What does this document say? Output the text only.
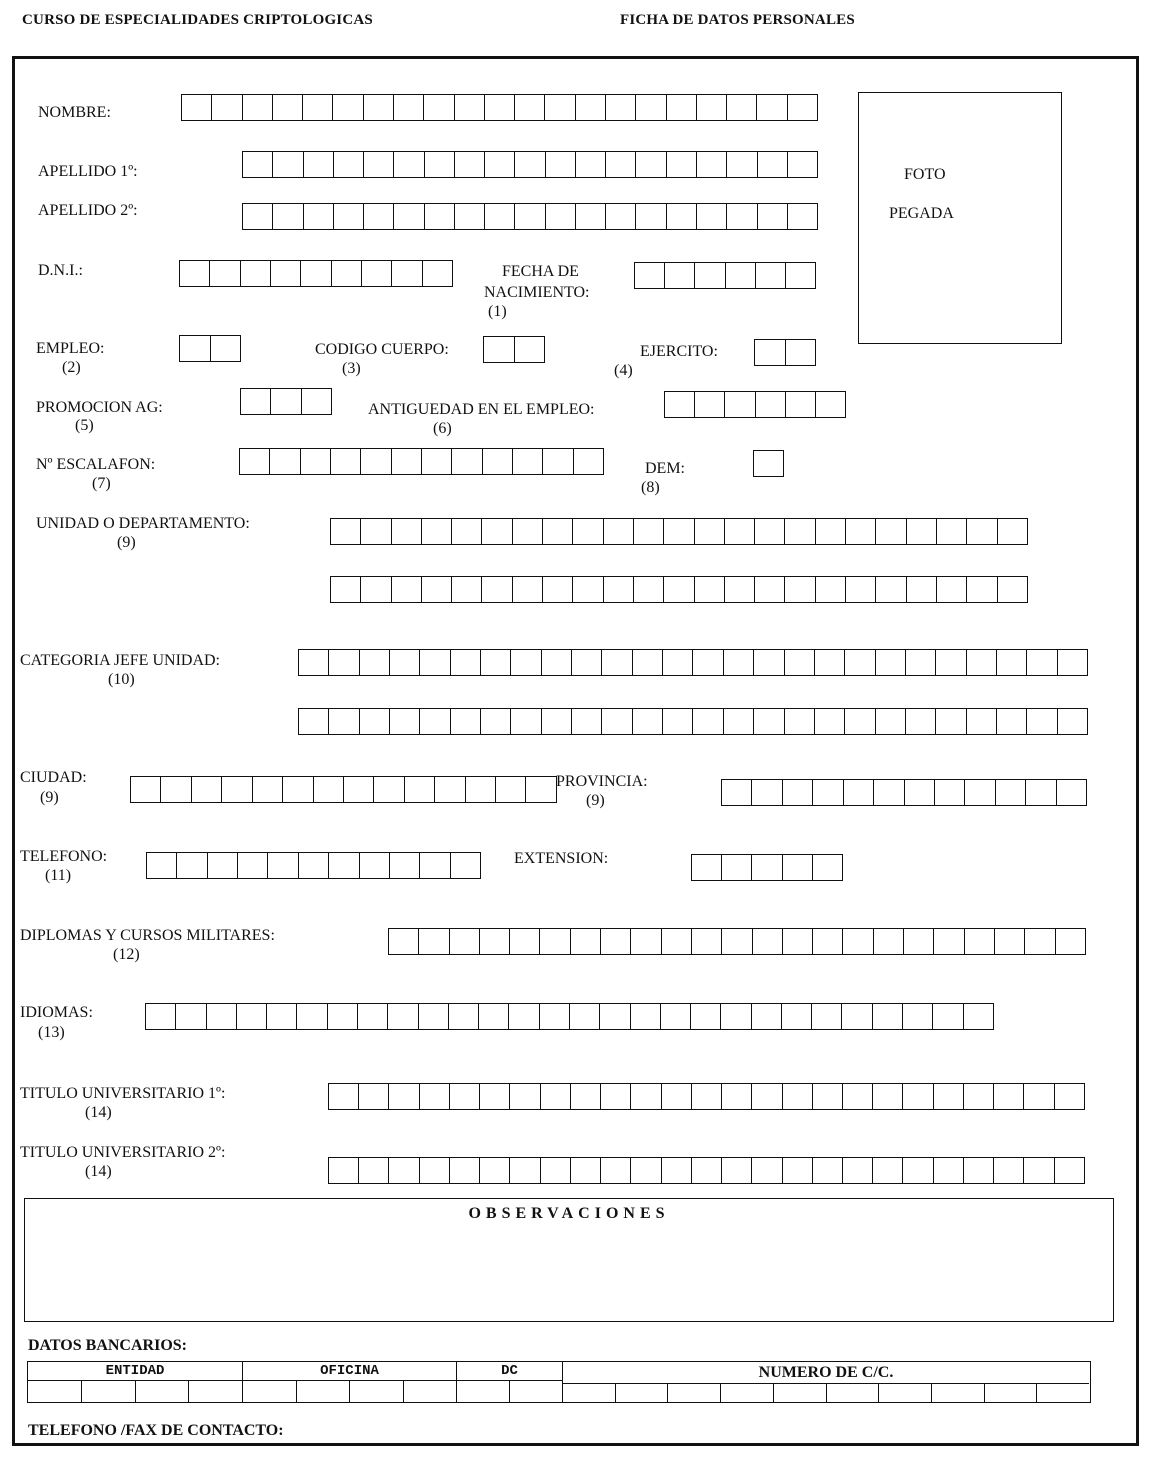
CURSO DE ESPECIALIDADES CRIPTOLOGICAS	FICHA DE DATOS PERSONALES
FOTO
PEGADA
NOMBRE:
APELLIDO 1º:
APELLIDO 2º:
D.N.I.:	FECHA DE
NACIMIENTO:
(1)
EMPLEO:
(2)
CODIGO CUERPO:
(3)
EJERCITO:
(4)
PROMOCION AG:
(5)
ANTIGUEDAD EN EL EMPLEO:
(6)
Nº ESCALAFON:
(7)
DEM:
(8)
UNIDAD O DEPARTAMENTO:
(9)
CATEGORIA JEFE UNIDAD:
(10)
CIUDAD:
(9)
PROVINCIA:
(9)
TELEFONO:
(11)
EXTENSION:
DIPLOMAS Y CURSOS MILITARES:
(12)
IDIOMAS:
(13)
TITULO UNIVERSITARIO 1º:
(14)
TITULO UNIVERSITARIO 2º:
(14)
OBSERVACIONES
DATOS BANCARIOS:
ENTIDAD	OFICINA	DC	NUMERO DE C/C.
TELEFONO /FAX DE CONTACTO:
